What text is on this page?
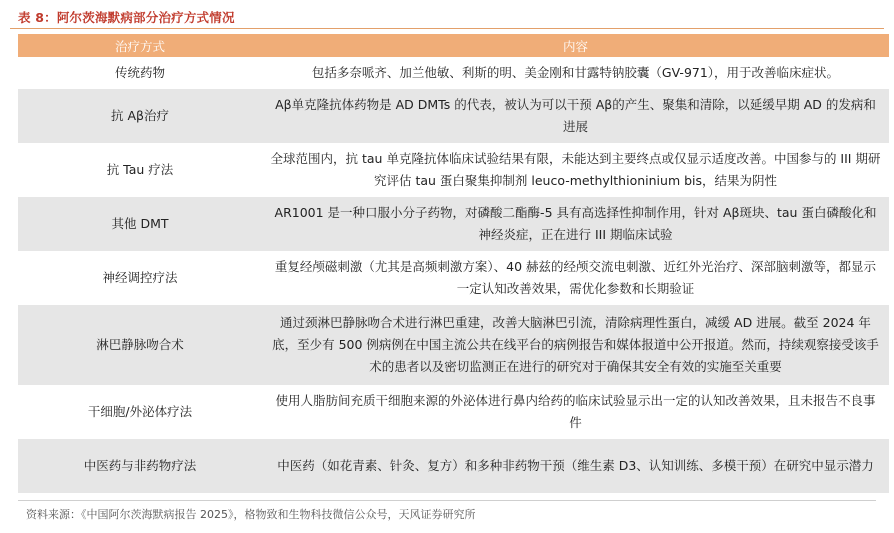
表 8：阿尔茨海默病部分治疗方式情况
治疗方式	内容
传统药物	包括多奈哌齐、加兰他敏、利斯的明、美金刚和甘露特钠胶囊（GV-971），用于改善临床症状。
抗 Aβ治疗	Aβ单克隆抗体药物是 AD DMTs 的代表，被认为可以干预 Aβ的产生、聚集和清除，以延缓早期 AD 的发病和进展
抗 Tau 疗法	全球范围内，抗 tau 单克隆抗体临床试验结果有限，未能达到主要终点或仅显示适度改善。中国参与的 III 期研究评估 tau 蛋白聚集抑制剂 leuco-methylthioninium bis，结果为阴性
其他 DMT	AR1001 是一种口服小分子药物，对磷酸二酯酶-5 具有高选择性抑制作用，针对 Aβ斑块、tau 蛋白磷酸化和神经炎症，正在进行 III 期临床试验
神经调控疗法	重复经颅磁刺激（尤其是高频刺激方案）、40 赫兹的经颅交流电刺激、近红外光治疗、深部脑刺激等，都显示一定认知改善效果，需优化参数和长期验证
淋巴静脉吻合术	通过颈淋巴静脉吻合术进行淋巴重建，改善大脑淋巴引流，清除病理性蛋白，减缓 AD 进展。截至 2024 年底，至少有 500 例病例在中国主流公共在线平台的病例报告和媒体报道中公开报道。然而，持续观察接受该手术的患者以及密切监测正在进行的研究对于确保其安全有效的实施至关重要
干细胞/外泌体疗法	使用人脂肪间充质干细胞来源的外泌体进行鼻内给药的临床试验显示出一定的认知改善效果，且未报告不良事件
中医药与非药物疗法	中医药（如花青素、针灸、复方）和多种非药物干预（维生素 D3、认知训练、多模干预）在研究中显示潜力
资料来源：《中国阿尔茨海默病报告 2025》，格物致和生物科技微信公众号，天风证券研究所
